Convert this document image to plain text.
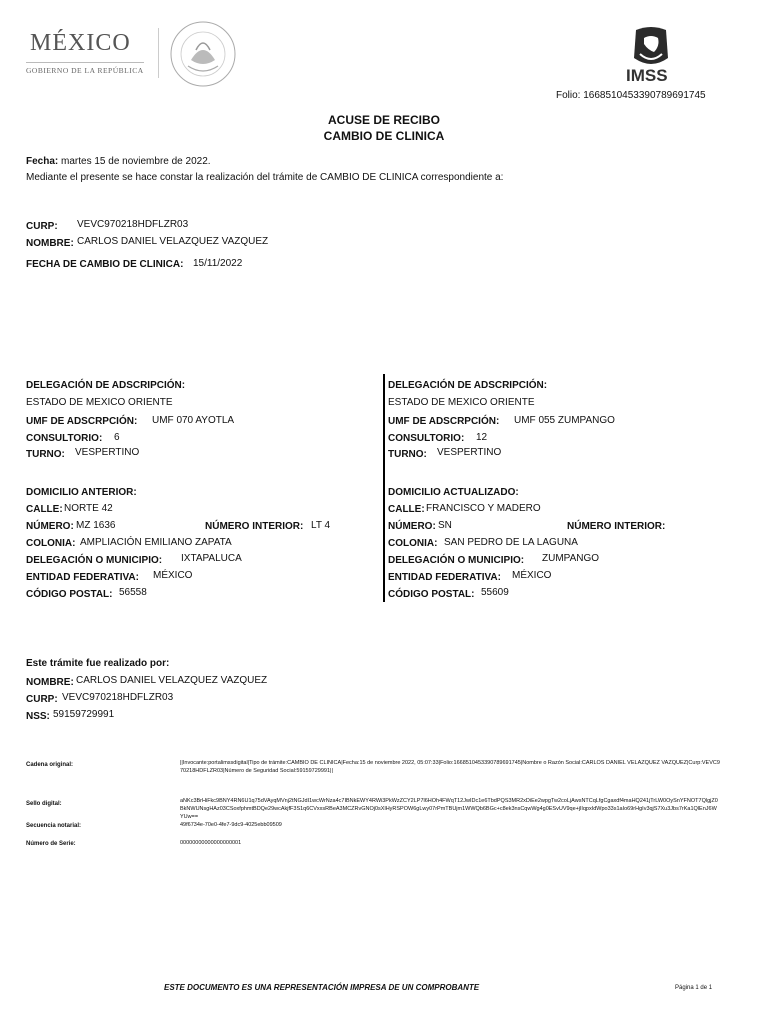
MÉXICO
GOBIERNO DE LA REPÚBLICA	IMSS
Folio: 1668510453390789691745
ACUSE DE RECIBO
CAMBIO DE CLINICA
Fecha: martes 15 de noviembre de 2022.
Mediante el presente se hace constar la realización del trámite de CAMBIO DE CLINICA correspondiente a:
CURP: VEVC970218HDFLZR03
NOMBRE: CARLOS DANIEL VELAZQUEZ VAZQUEZ
FECHA DE CAMBIO DE CLINICA: 15/11/2022
DELEGACIÓN DE ADSCRIPCIÓN:
ESTADO DE MEXICO ORIENTE
UMF DE ADSCRPCIÓN: UMF 070 AYOTLA
CONSULTORIO: 6
TURNO: VESPERTINO
DOMICILIO ANTERIOR:
CALLE: NORTE 42
NÚMERO: MZ 1636	NÚMERO INTERIOR: LT 4
COLONIA: AMPLIACIÓN EMILIANO ZAPATA
DELEGACIÓN O MUNICIPIO: IXTAPALUCA
ENTIDAD FEDERATIVA: MÉXICO
CÓDIGO POSTAL: 56558
DELEGACIÓN DE ADSCRIPCIÓN:
ESTADO DE MEXICO ORIENTE
UMF DE ADSCRPCIÓN: UMF 055 ZUMPANGO
CONSULTORIO: 12
TURNO: VESPERTINO
DOMICILIO ACTUALIZADO:
CALLE: FRANCISCO Y MADERO
NÚMERO: SN	NÚMERO INTERIOR:
COLONIA: SAN PEDRO DE LA LAGUNA
DELEGACIÓN O MUNICIPIO: ZUMPANGO
ENTIDAD FEDERATIVA: MÉXICO
CÓDIGO POSTAL: 55609
Este trámite fue realizado por:
NOMBRE: CARLOS DANIEL VELAZQUEZ VAZQUEZ
CURP: VEVC970218HDFLZR03
NSS: 59159729991
Cadena original:	||Invocante:portalimssdigital|Tipo de trámite:CAMBIO DE CLINICA|Fecha:15 de noviembre 2022, 05:07:33|Folio:1668510453390789691745|Nombre o Razón Social:CARLOS DANIEL VELAZQUEZ VAZQUEZ|Curp:VEVC970218HDFLZR03|Número de Seguridad Social:59159729991||
Sello digital:	aNKc3BrHiFkc9BNY4RN6U1q75dVAyqMVnj2tNGJdI1wcWrNza4c7IBNkEWY4RWi3PkWzZCY2LP7l6HOh4FWqT12JwIDc1e6TbdPQS3MR2xDiEe2wpgTw2coLjAwsNTCqLfgCgaxdf4maHQ241jTrLW0OySnYFNOT7QlgjZ0BkNWUNsgHAz03CSoxfphmtBDQe29wcAkjfF3S1q6CVxxsRBeA3MCZRvGNOj0sXlHyRSPOW6gLwy07rPmTBUjm1WWQb6BGc+c8ek3nsCqwWg4g0ESvUV9qe+jlIqpxIdWpo33s1aIo69rHgIv3qjS7Xu3Jbs7rKa1QlEnJ6WYUw==
Secuencia notarial:	49f6734e-70e0-4fe7-9dc9-4025ebb09509
Número de Serie:	00000000000000000001
ESTE DOCUMENTO ES UNA REPRESENTACIÓN IMPRESA DE UN COMPROBANTE	Página 1 de 1
